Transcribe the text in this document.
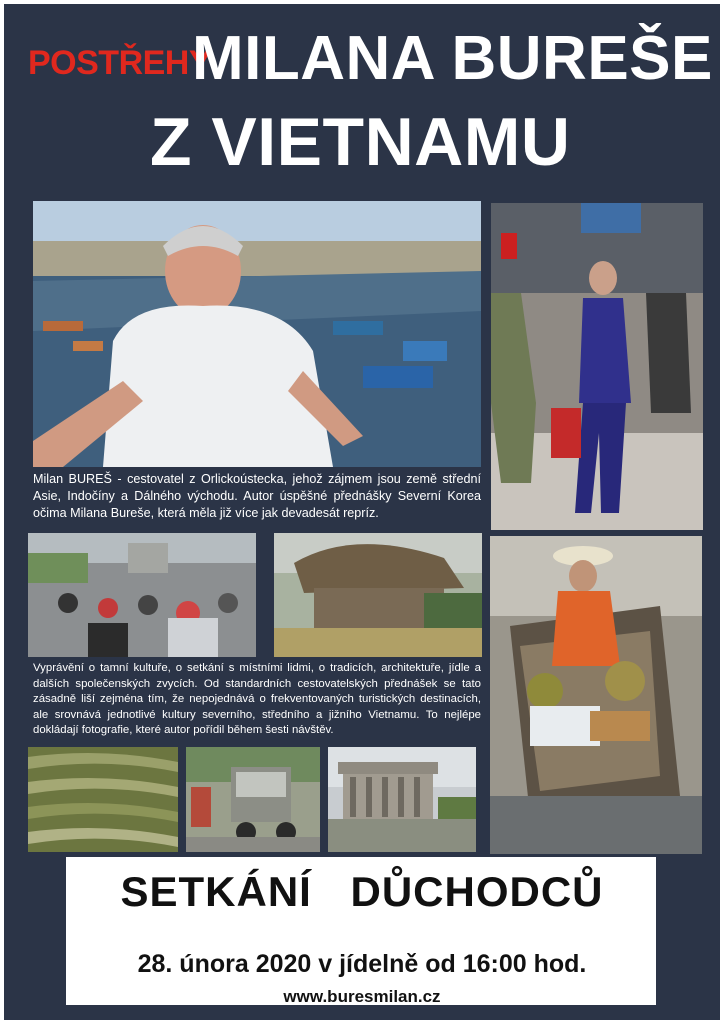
POSTŘEHY
MILANA BUREŠE
Z VIETNAMU
Milan BUREŠ - cestovatel z Orlickoústecka, jehož zájmem jsou země střední Asie, Indočíny a Dálného východu. Autor úspěšné přednášky Severní Korea očima Milana Bureše, která měla již více jak devadesát repríz.
Vyprávění o tamní kultuře, o setkání s místními lidmi, o tradicích, architektuře, jídle a dalších společenských zvycích. Od standardních cestovatelských přednášek se tato zásadně liší zejména tím, že nepojednává o frekventovaných turistických destinacích, ale srovnává jednotlivé kultury severního, středního a jižního Vietnamu. To nejlépe dokládají fotografie, které autor pořídil během šesti návštěv.
SETKÁNÍ DŮCHODCŮ
28. února 2020 v jídelně od 16:00 hod.
www.buresmilan.cz
